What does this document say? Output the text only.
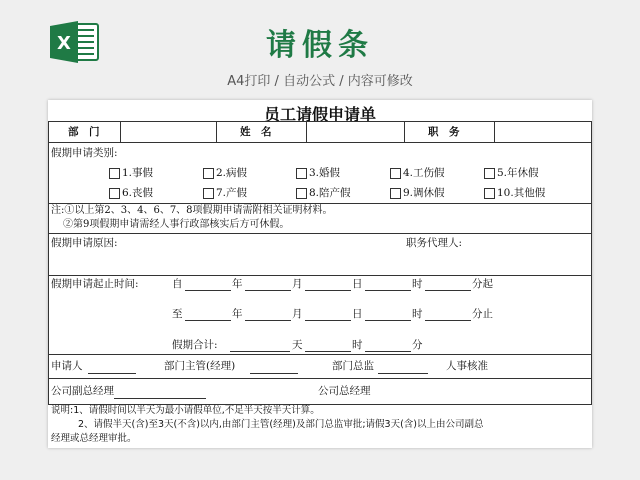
X	请假条
A4打印 / 自动公式 / 内容可修改
员工请假申请单
部　门	姓　名	职　务
假期申请类别:
1.事假	2.病假	3.婚假	4.工伤假	5.年休假
6.丧假	7.产假	8.陪产假	9.调休假	10.其他假
注:①以上第2、3、4、6、7、8项假期申请需附相关证明材料。
②第9项假期申请需经人事行政部核实后方可休假。
假期申请原因:	职务代理人:
假期申请起止时间:	自	年	月	日	时	分起
至	年	月	日	时	分止
假期合计:	天	时	分
申请人	部门主管(经理)	部门总监	人事核准
公司副总经理	公司总经理
说明:1、请假时间以半天为最小请假单位,不足半天按半天计算。
2、请假半天(含)至3天(不含)以内,由部门主管(经理)及部门总监审批;请假3天(含)以上由公司副总
经理或总经理审批。
